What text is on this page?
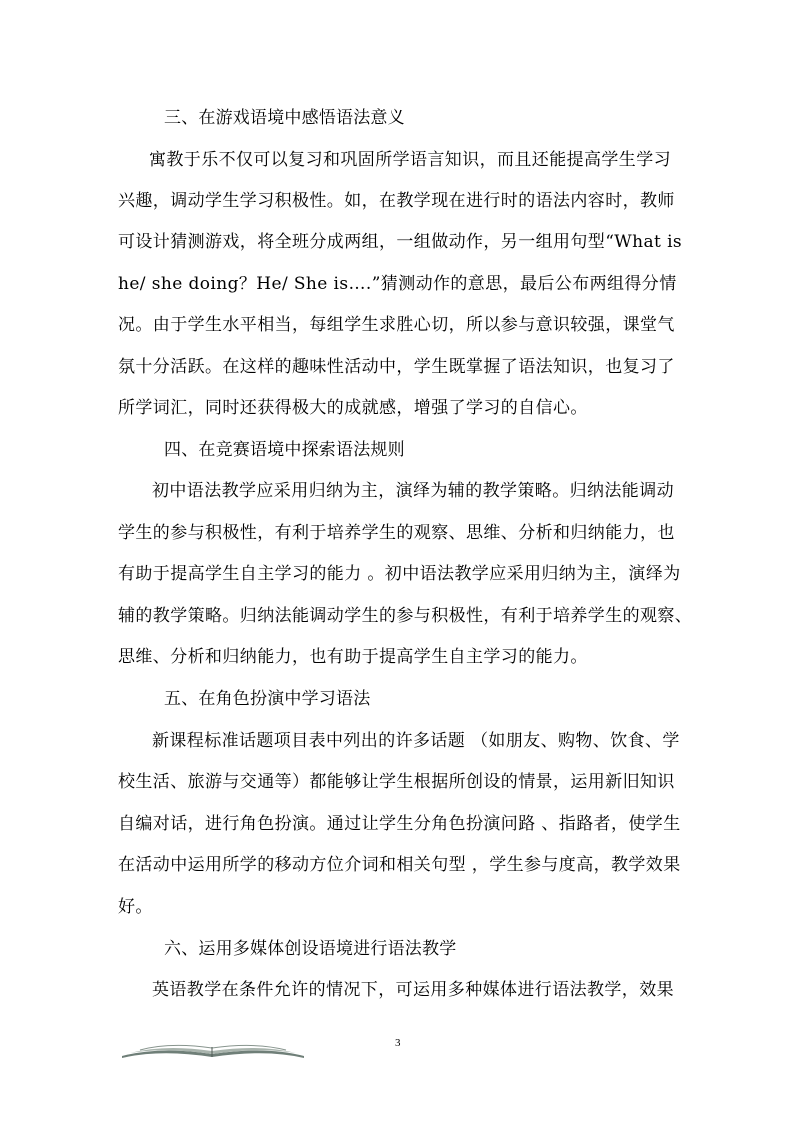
三、在游戏语境中感悟语法意义
寓教于乐不仅可以复习和巩固所学语言知识，而且还能提高学生学习
兴趣，调动学生学习积极性。如，在教学现在进行时的语法内容时，教师
可设计猜测游戏，将全班分成两组，一组做动作，另一组用句型“What is
he/ she doing？He/ She is….”猜测动作的意思，最后公布两组得分情
况。由于学生水平相当，每组学生求胜心切，所以参与意识较强，课堂气
氛十分活跃。在这样的趣味性活动中，学生既掌握了语法知识，也复习了
所学词汇，同时还获得极大的成就感，增强了学习的自信心。
四、在竞赛语境中探索语法规则
初中语法教学应采用归纳为主，演绎为辅的教学策略。归纳法能调动
学生的参与积极性，有利于培养学生的观察、思维、分析和归纳能力，也
有助于提高学生自主学习的能力 。初中语法教学应采用归纳为主，演绎为
辅的教学策略。归纳法能调动学生的参与积极性，有利于培养学生的观察、
思维、分析和归纳能力，也有助于提高学生自主学习的能力。
五、在角色扮演中学习语法
新课程标准话题项目表中列出的许多话题 （如朋友、购物、饮食、学
校生活、旅游与交通等）都能够让学生根据所创设的情景，运用新旧知识
自编对话，进行角色扮演。通过让学生分角色扮演问路 、指路者，使学生
在活动中运用所学的移动方位介词和相关句型 ，学生参与度高，教学效果
好。
六、运用多媒体创设语境进行语法教学
英语教学在条件允许的情况下，可运用多种媒体进行语法教学，效果
3
